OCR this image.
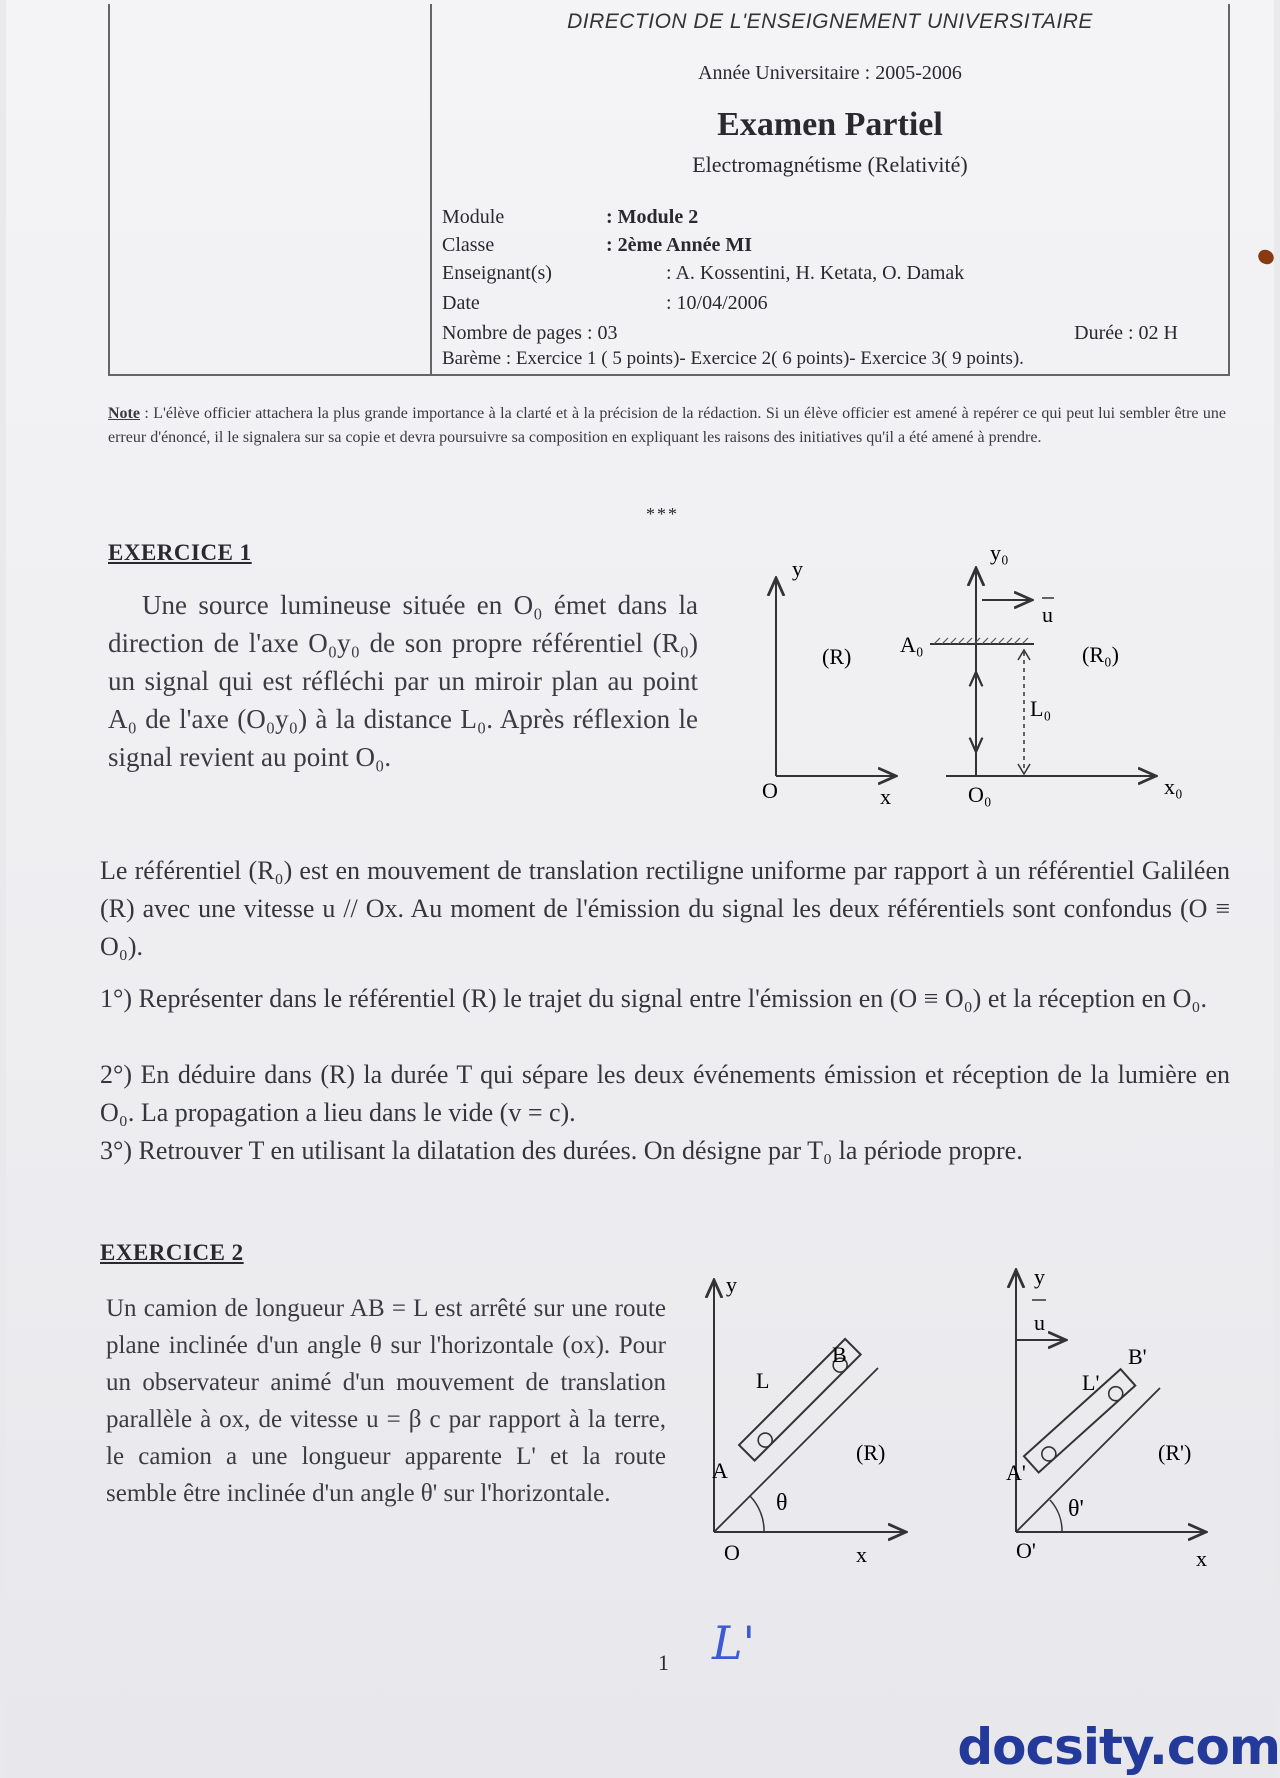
DIRECTION DE L'ENSEIGNEMENT UNIVERSITAIRE
Année Universitaire : 2005-2006
Examen Partiel
Electromagnétisme (Relativité)
Module	: Module 2
Classe	: 2ème Année MI
Enseignant(s)	: A. Kossentini, H. Ketata, O. Damak
Date	: 10/04/2006
Nombre de pages : 03	Durée : 02 H
Barème : Exercice 1 ( 5 points)- Exercice 2( 6 points)- Exercice 3( 9 points).
Note : L'élève officier attachera la plus grande importance à la clarté et à la précision de la rédaction. Si un élève officier est amené à repérer ce qui peut lui sembler être une erreur d'énoncé, il le signalera sur sa copie et devra poursuivre sa composition en expliquant les raisons des initiatives qu'il a été amené à prendre.
***
EXERCICE 1
Une source lumineuse située en O₀ émet dans la direction de l'axe O₀y₀ de son propre référentiel (R₀) un signal qui est réfléchi par un miroir plan au point A₀ de l'axe (O₀y₀) à la distance L₀. Après réflexion le signal revient au point O₀.
y
x
O
(R)
y₀
x₀
O₀
(R₀)
u
A₀
L₀
Le référentiel (R₀) est en mouvement de translation rectiligne uniforme par rapport à un référentiel Galiléen (R) avec une vitesse u // Ox. Au moment de l'émission du signal les deux référentiels sont confondus (O ≡ O₀).
1°) Représenter dans le référentiel (R) le trajet du signal entre l'émission en (O ≡ O₀) et la réception en O₀.
2°) En déduire dans (R) la durée T qui sépare les deux événements émission et réception de la lumière en O₀. La propagation a lieu dans le vide (v = c).
3°) Retrouver T en utilisant la dilatation des durées. On désigne par T₀ la période propre.
EXERCICE 2
Un camion de longueur AB = L est arrêté sur une route plane inclinée d'un angle θ sur l'horizontale (ox). Pour un observateur animé d'un mouvement de translation parallèle à ox, de vitesse u = β c par rapport à la terre, le camion a une longueur apparente L' et la route semble être inclinée d'un angle θ' sur l'horizontale.
y
x
O
A
B
L
θ
(R)
y
x
O'
u
A'
B'
L'
θ'
(R')
1 L'
docsity.com
